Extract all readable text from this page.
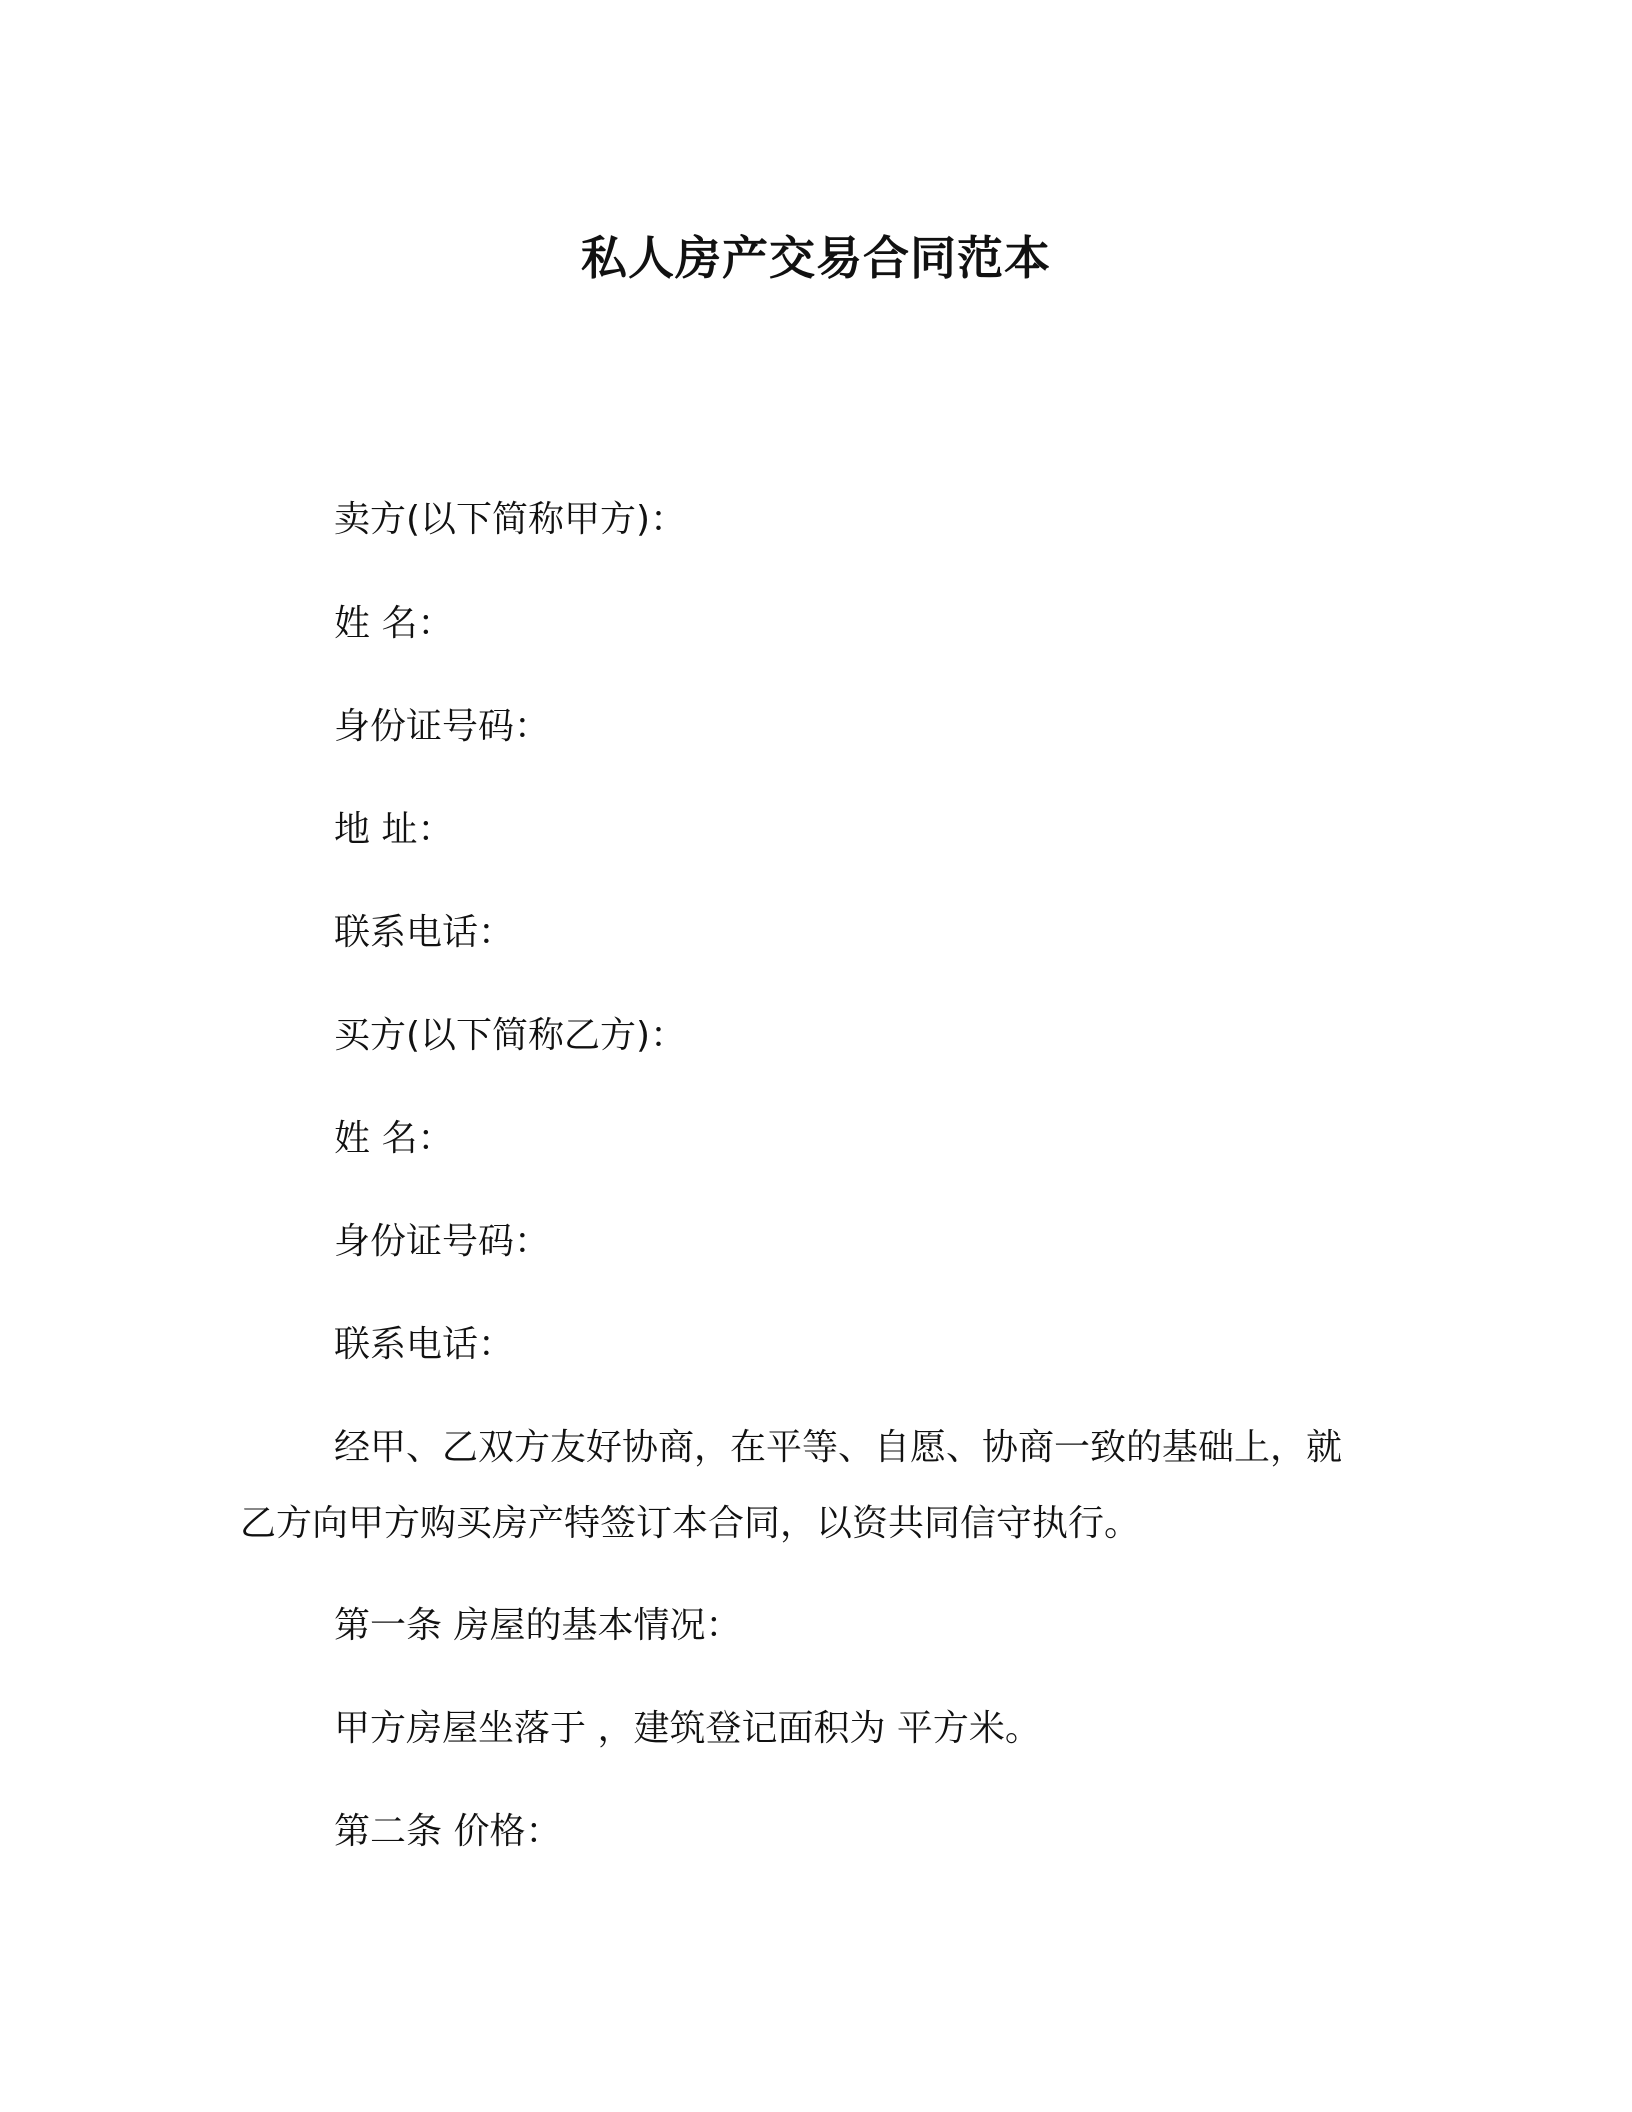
私人房产交易合同范本
卖方(以下简称甲方)：
姓 名：
身份证号码：
地 址：
联系电话：
买方(以下简称乙方)：
姓 名：
身份证号码：
联系电话：
经甲、乙双方友好协商，在平等、自愿、协商一致的基础上，就
乙方向甲方购买房产特签订本合同，以资共同信守执行。
第一条 房屋的基本情况：
甲方房屋坐落于 ，建筑登记面积为 平方米。
第二条 价格：
